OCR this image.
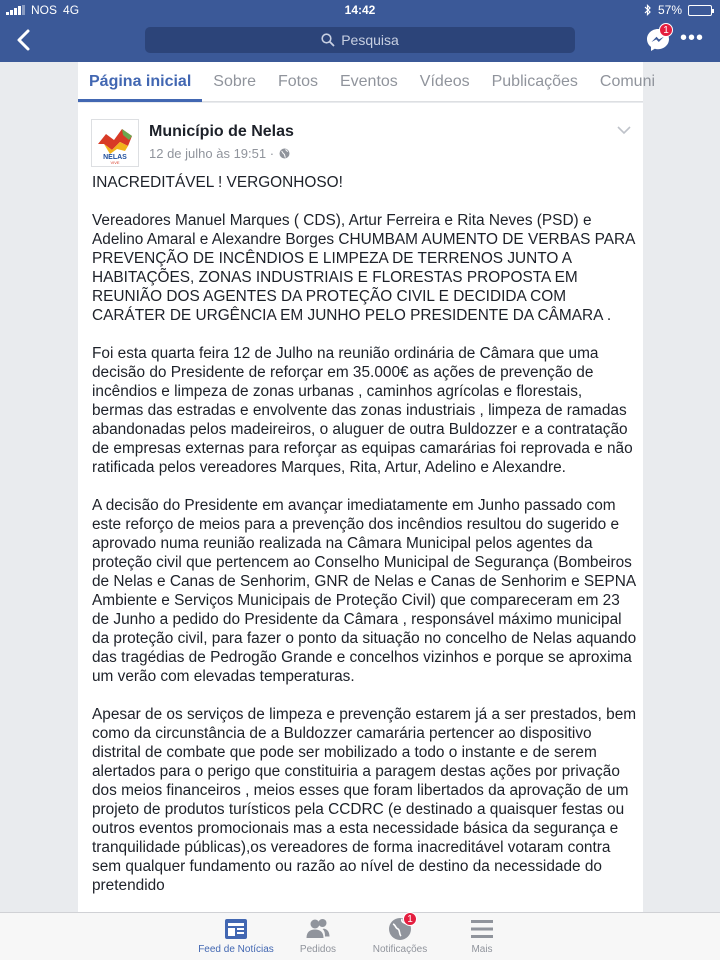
NOS 4G	14:42	57%
Pesquisa
1 •••
Página inicial Sobre Fotos Eventos Vídeos Publicações Comuni
NELAS
VIVE
Município de Nelas
12 de julho às 19:51 ·

INACREDITÁVEL ! VERGONHOSO!

Vereadores Manuel Marques ( CDS), Artur Ferreira e Rita Neves (PSD) e Adelino Amaral e Alexandre Borges CHUMBAM AUMENTO DE VERBAS PARA PREVENÇÃO DE INCÊNDIOS E LIMPEZA DE TERRENOS JUNTO A HABITAÇÕES, ZONAS INDUSTRIAIS E FLORESTAS PROPOSTA EM REUNIÃO DOS AGENTES DA PROTEÇÃO CIVIL E DECIDIDA COM CARÁTER DE URGÊNCIA EM JUNHO PELO PRESIDENTE DA CÂMARA .

Foi esta quarta feira 12 de Julho na reunião ordinária de Câmara que uma decisão do Presidente de reforçar em 35.000€ as ações de prevenção de incêndios e limpeza de zonas urbanas , caminhos agrícolas e florestais, bermas das estradas e envolvente das zonas industriais , limpeza de ramadas abandonadas pelos madeireiros, o aluguer de outra Buldozzer e a contratação de empresas externas para reforçar as equipas camarárias foi reprovada e não ratificada pelos vereadores Marques, Rita, Artur, Adelino e Alexandre.

A decisão do Presidente em avançar imediatamente em Junho passado com este reforço de meios para a prevenção dos incêndios resultou do sugerido e aprovado numa reunião realizada na Câmara Municipal pelos agentes da proteção civil que pertencem ao Conselho Municipal de Segurança (Bombeiros de Nelas e Canas de Senhorim, GNR de Nelas e Canas de Senhorim e SEPNA Ambiente e Serviços Municipais de Proteção Civil) que compareceram em 23 de Junho a pedido do Presidente da Câmara , responsável máximo municipal da proteção civil, para fazer o ponto da situação no concelho de Nelas aquando das tragédias de Pedrogão Grande e concelhos vizinhos e porque se aproxima um verão com elevadas temperaturas.

Apesar de os serviços de limpeza e prevenção estarem já a ser prestados, bem como da circunstância de a Buldozzer camarária pertencer ao dispositivo distrital de combate que pode ser mobilizado a todo o instante e de serem alertados para o perigo que constituiria a paragem destas ações por privação dos meios financeiros , meios esses que foram libertados da aprovação de um projeto de produtos turísticos pela CCDRC (e destinado a quaisquer festas ou outros eventos promocionais mas a esta necessidade básica da segurança e tranquilidade públicas),os vereadores de forma inacreditável votaram contra sem qualquer fundamento ou razão ao nível de destino da necessidade do pretendido

Feed de Notícias	Pedidos
1
Notificações	Mais
